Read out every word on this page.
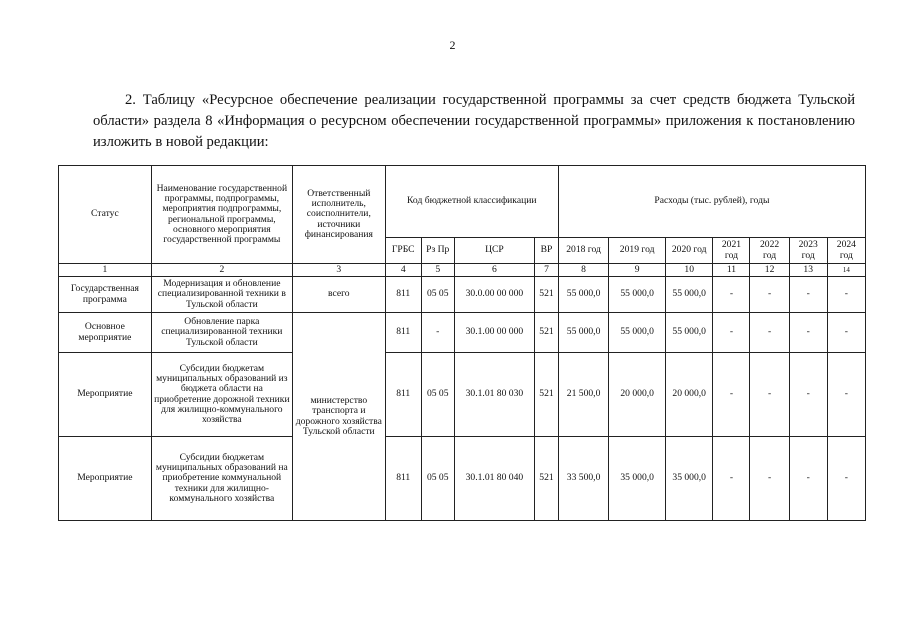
2

2. Таблицу «Ресурсное обеспечение реализации государственной программы за счет средств бюджета Тульской области» раздела 8 «Информация о ресурсном обеспечении государственной программы» приложения к постановлению изложить в новой редакции:

Статус	Наименование государственной программы, подпрограммы, мероприятия подпрограммы, региональной программы, основного мероприятия государственной программы	Ответственный исполнитель, соисполнители, источники финансирования	Код бюджетной классификации				Расходы (тыс. рублей), годы						
			ГРБС	Рз Пр	ЦСР	ВР	2018 год	2019 год	2020 год	2021 год	2022 год	2023 год	2024 год
1	2	3	4	5	6	7	8	9	10	11	12	13	14
Государственная программа	Модернизация и обновление специализированной техники в Тульской области	всего	811	05 05	30.0.00 00 000	521	55 000,0	55 000,0	55 000,0	-	-	-	-
Основное мероприятие	Обновление парка специализированной техники Тульской области	министерство транспорта и дорожного хозяйства Тульской области	811	-	30.1.00 00 000	521	55 000,0	55 000,0	55 000,0	-	-	-	-
Мероприятие	Субсидии бюджетам муниципальных образований из бюджета области на приобретение дорожной техники для жилищно-коммунального хозяйства		811	05 05	30.1.01 80 030	521	21 500,0	20 000,0	20 000,0	-	-	-	-
Мероприятие	Субсидии бюджетам муниципальных образований на приобретение коммунальной техники для жилищно-коммунального хозяйства		811	05 05	30.1.01 80 040	521	33 500,0	35 000,0	35 000,0	-	-	-	-
